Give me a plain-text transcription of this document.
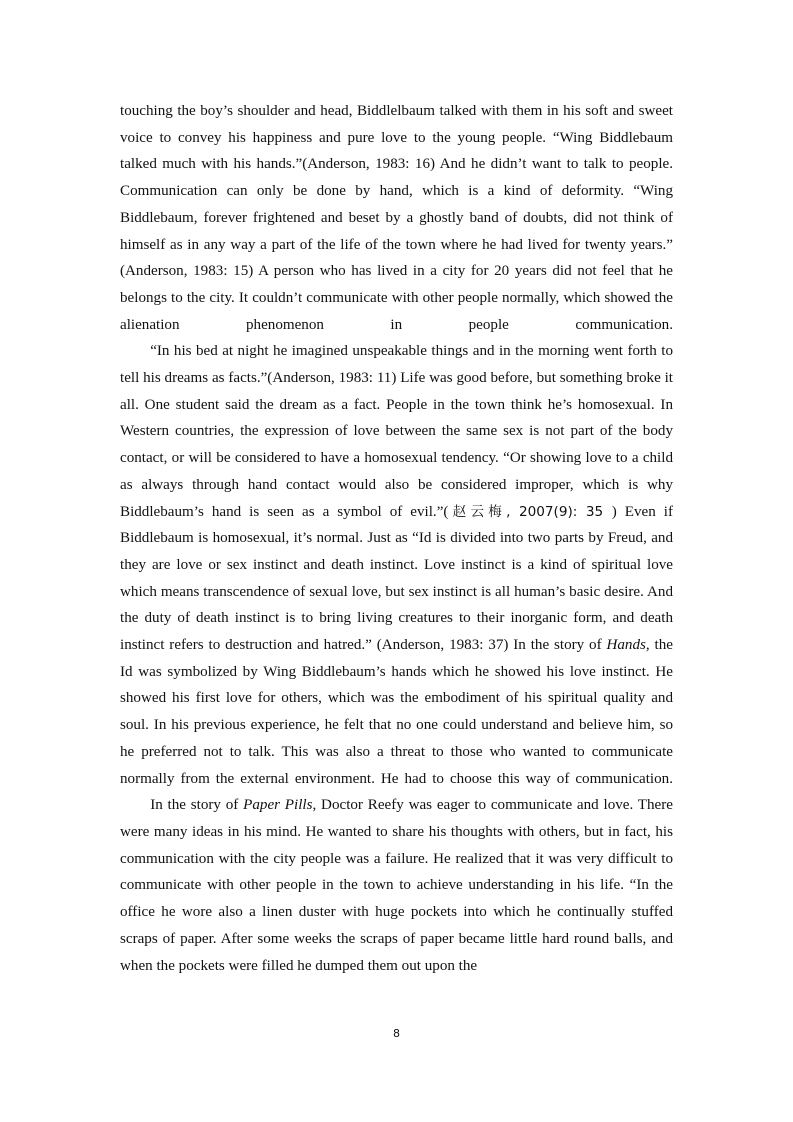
touching the boy’s shoulder and head, Biddlelbaum talked with them in his soft and sweet voice to convey his happiness and pure love to the young people. “Wing Biddlebaum talked much with his hands.”(Anderson, 1983: 16) And he didn’t want to talk to people. Communication can only be done by hand, which is a kind of deformity. “Wing Biddlebaum, forever frightened and beset by a ghostly band of doubts, did not think of himself as in any way a part of the life of the town where he had lived for twenty years.” (Anderson, 1983: 15) A person who has lived in a city for 20 years did not feel that he belongs to the city. It couldn’t communicate with other people normally, which showed the alienation phenomenon in people communication.

“In his bed at night he imagined unspeakable things and in the morning went forth to tell his dreams as facts.”(Anderson, 1983: 11) Life was good before, but something broke it all. One student said the dream as a fact. People in the town think he’s homosexual. In Western countries, the expression of love between the same sex is not part of the body contact, or will be considered to have a homosexual tendency. “Or showing love to a child as always through hand contact would also be considered improper, which is why Biddlebaum’s hand is seen as a symbol of evil.”(赵云梅, 2007(9): 35 ) Even if Biddlebaum is homosexual, it’s normal. Just as “Id is divided into two parts by Freud, and they are love or sex instinct and death instinct. Love instinct is a kind of spiritual love which means transcendence of sexual love, but sex instinct is all human’s basic desire. And the duty of death instinct is to bring living creatures to their inorganic form, and death instinct refers to destruction and hatred.” (Anderson, 1983: 37) In the story of Hands, the Id was symbolized by Wing Biddlebaum’s hands which he showed his love instinct. He showed his first love for others, which was the embodiment of his spiritual quality and soul. In his previous experience, he felt that no one could understand and believe him, so he preferred not to talk. This was also a threat to those who wanted to communicate normally from the external environment. He had to choose this way of communication.

In the story of Paper Pills, Doctor Reefy was eager to communicate and love. There were many ideas in his mind. He wanted to share his thoughts with others, but in fact, his communication with the city people was a failure. He realized that it was very difficult to communicate with other people in the town to achieve understanding in his life. “In the office he wore also a linen duster with huge pockets into which he continually stuffed scraps of paper. After some weeks the scraps of paper became little hard round balls, and when the pockets were filled he dumped them out upon the

8
